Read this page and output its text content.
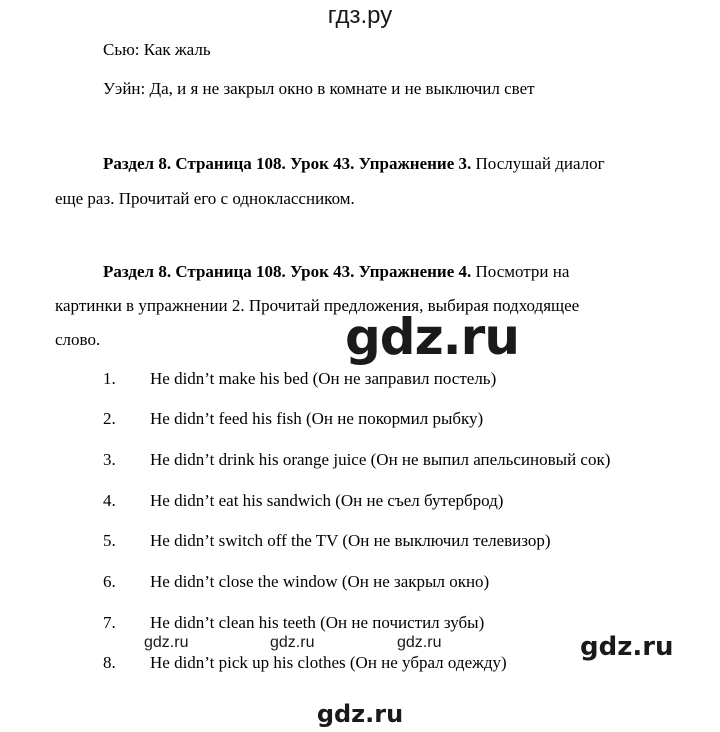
гдз.ру
Сью: Как жаль
Уэйн: Да, и я не закрыл окно в комнате и не выключил свет
Раздел 8. Страница 108. Урок 43. Упражнение 3. Послушай диалог
еще раз. Прочитай его с одноклассником.
Раздел 8. Страница 108. Урок 43. Упражнение 4. Посмотри на
картинки в упражнении 2. Прочитай предложения, выбирая подходящее
слово.	gdz.ru
1. He didn’t make his bed (Он не заправил постель)
2. He didn’t feed his fish (Он не покормил рыбку)
3. He didn’t drink his orange juice (Он не выпил апельсиновый сок)
4. He didn’t eat his sandwich (Он не съел бутерброд)
5. He didn’t switch off the TV (Он не выключил телевизор)
6. He didn’t close the window (Он не закрыл окно)
7. He didn’t clean his teeth (Он не почистил зубы)
8. He didn’t pick up his clothes (Он не убрал одежду)
gdz.ru	gdz.ru	gdz.ru	gdz.ru
gdz.ru
